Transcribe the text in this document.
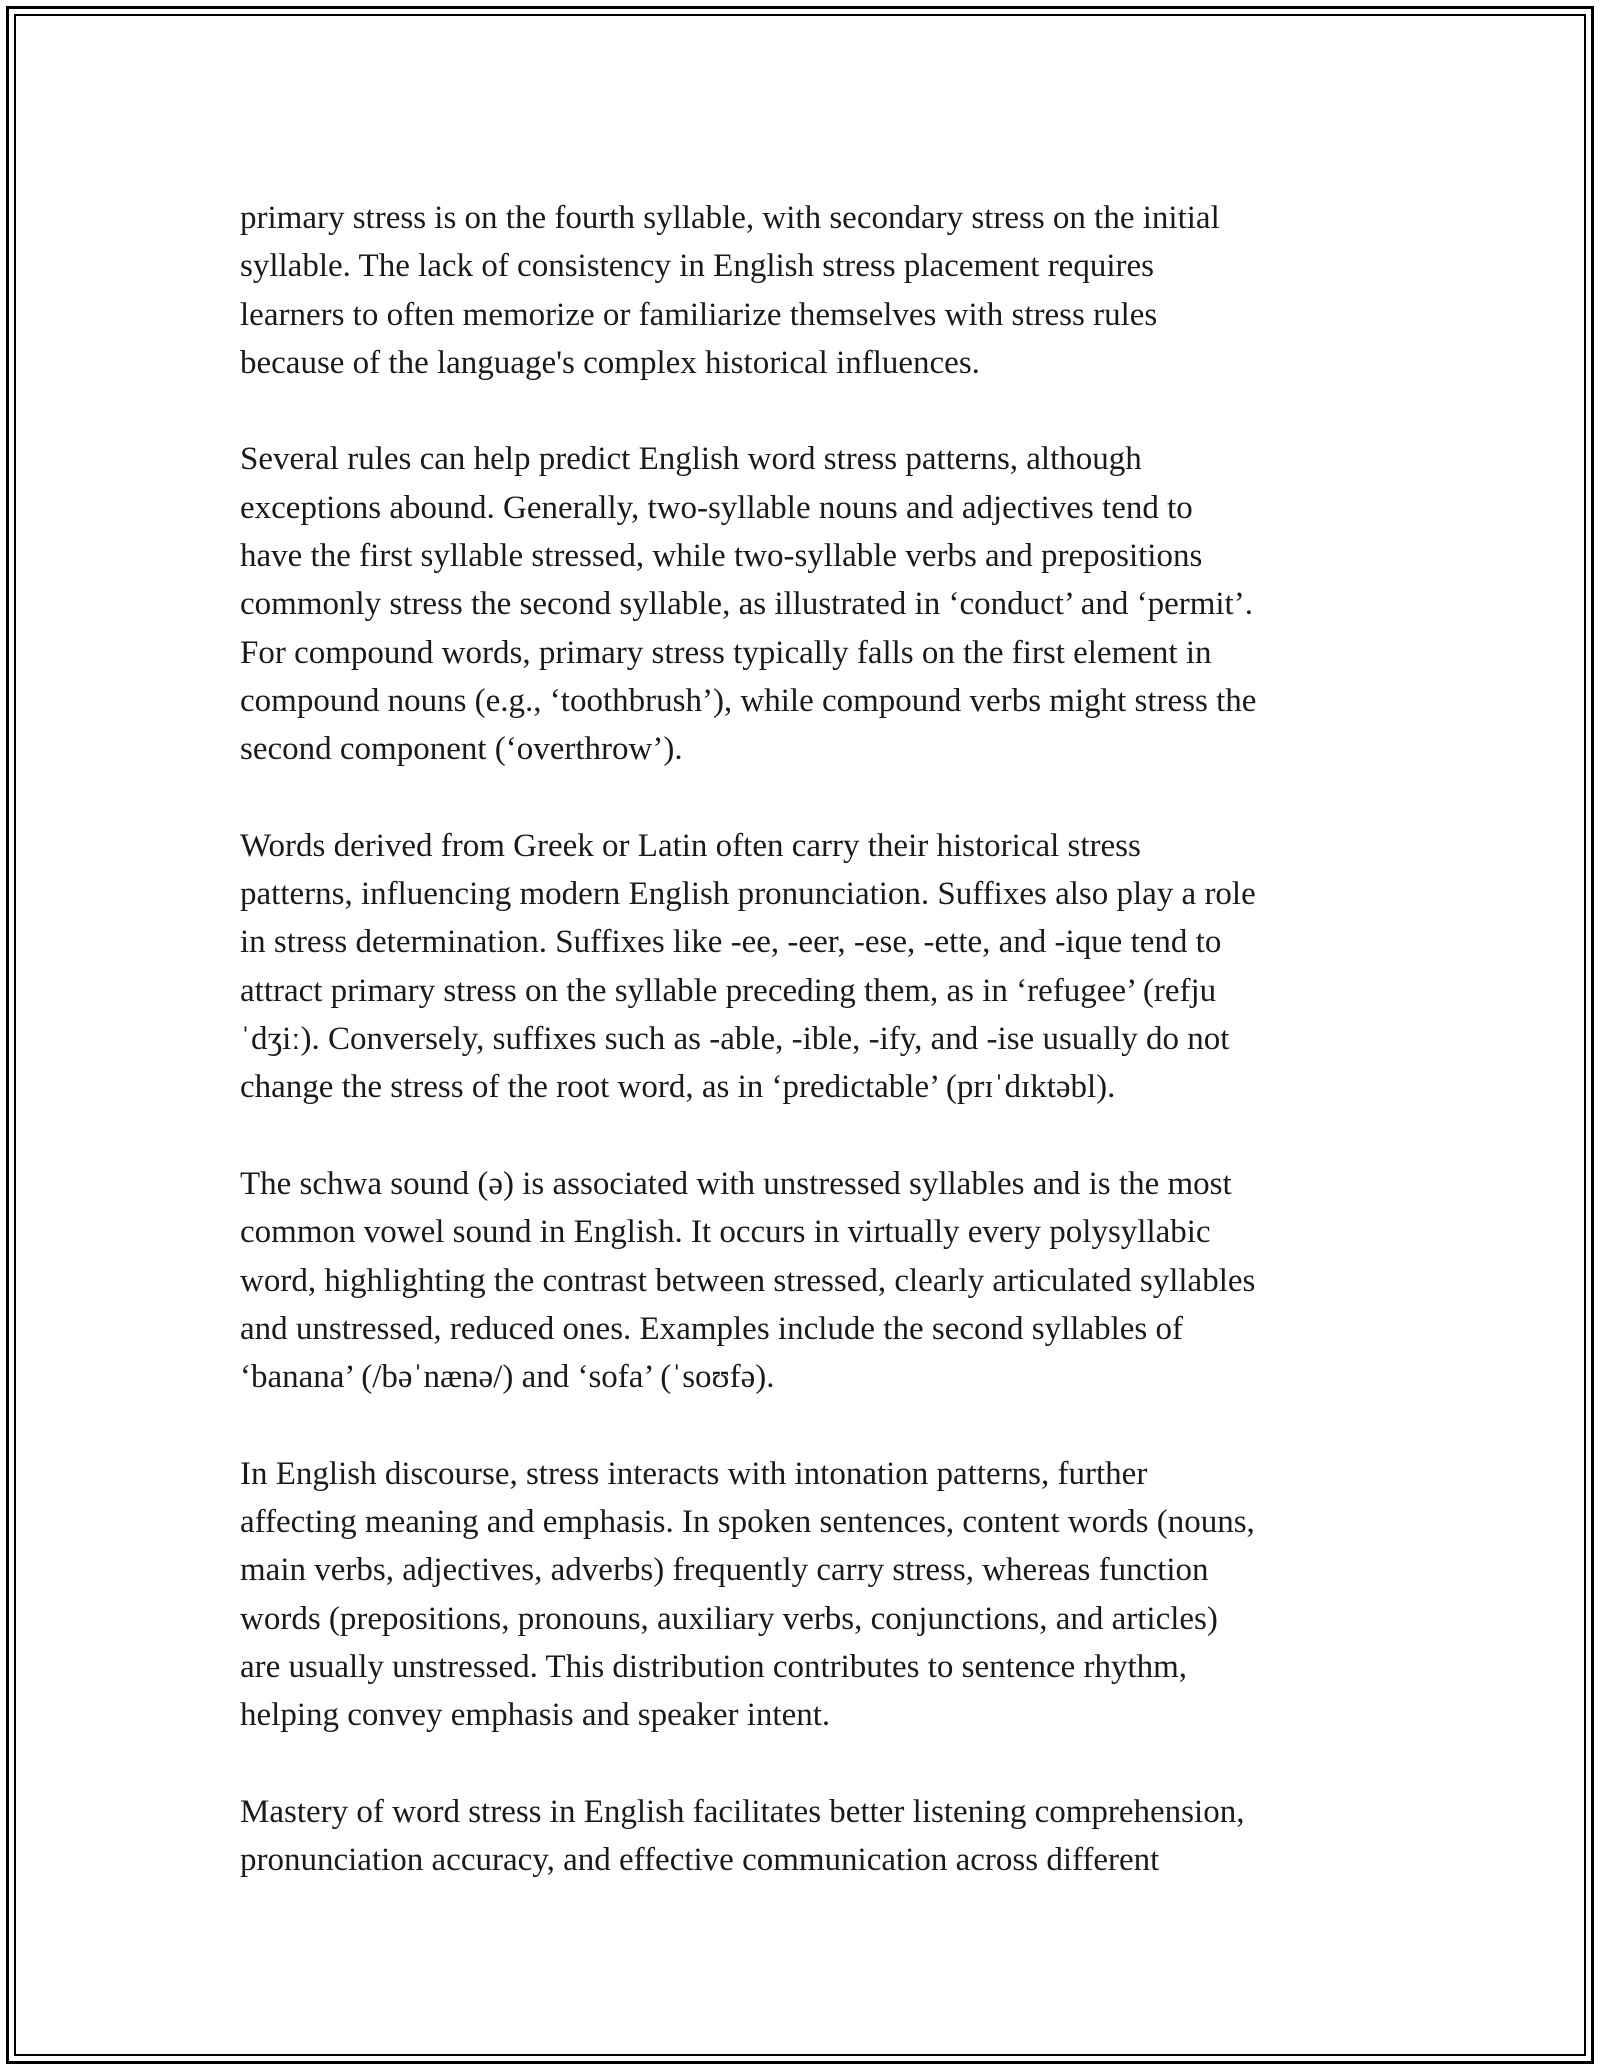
primary stress is on the fourth syllable, with secondary stress on the initial
syllable. The lack of consistency in English stress placement requires
learners to often memorize or familiarize themselves with stress rules
because of the language's complex historical influences.

Several rules can help predict English word stress patterns, although
exceptions abound. Generally, two-syllable nouns and adjectives tend to
have the first syllable stressed, while two-syllable verbs and prepositions
commonly stress the second syllable, as illustrated in ‘conduct’ and ‘permit’.
For compound words, primary stress typically falls on the first element in
compound nouns (e.g., ‘toothbrush’), while compound verbs might stress the
second component (‘overthrow’).

Words derived from Greek or Latin often carry their historical stress
patterns, influencing modern English pronunciation. Suffixes also play a role
in stress determination. Suffixes like -ee, -eer, -ese, -ette, and -ique tend to
attract primary stress on the syllable preceding them, as in ‘refugee’ (refju
ˈdʒiː). Conversely, suffixes such as -able, -ible, -ify, and -ise usually do not
change the stress of the root word, as in ‘predictable’ (prɪˈdɪktəbl).

The schwa sound (ə) is associated with unstressed syllables and is the most
common vowel sound in English. It occurs in virtually every polysyllabic
word, highlighting the contrast between stressed, clearly articulated syllables
and unstressed, reduced ones. Examples include the second syllables of
‘banana’ (/bəˈnænə/) and ‘sofa’ (ˈsoʊfə).

In English discourse, stress interacts with intonation patterns, further
affecting meaning and emphasis. In spoken sentences, content words (nouns,
main verbs, adjectives, adverbs) frequently carry stress, whereas function
words (prepositions, pronouns, auxiliary verbs, conjunctions, and articles)
are usually unstressed. This distribution contributes to sentence rhythm,
helping convey emphasis and speaker intent.

Mastery of word stress in English facilitates better listening comprehension,
pronunciation accuracy, and effective communication across different
